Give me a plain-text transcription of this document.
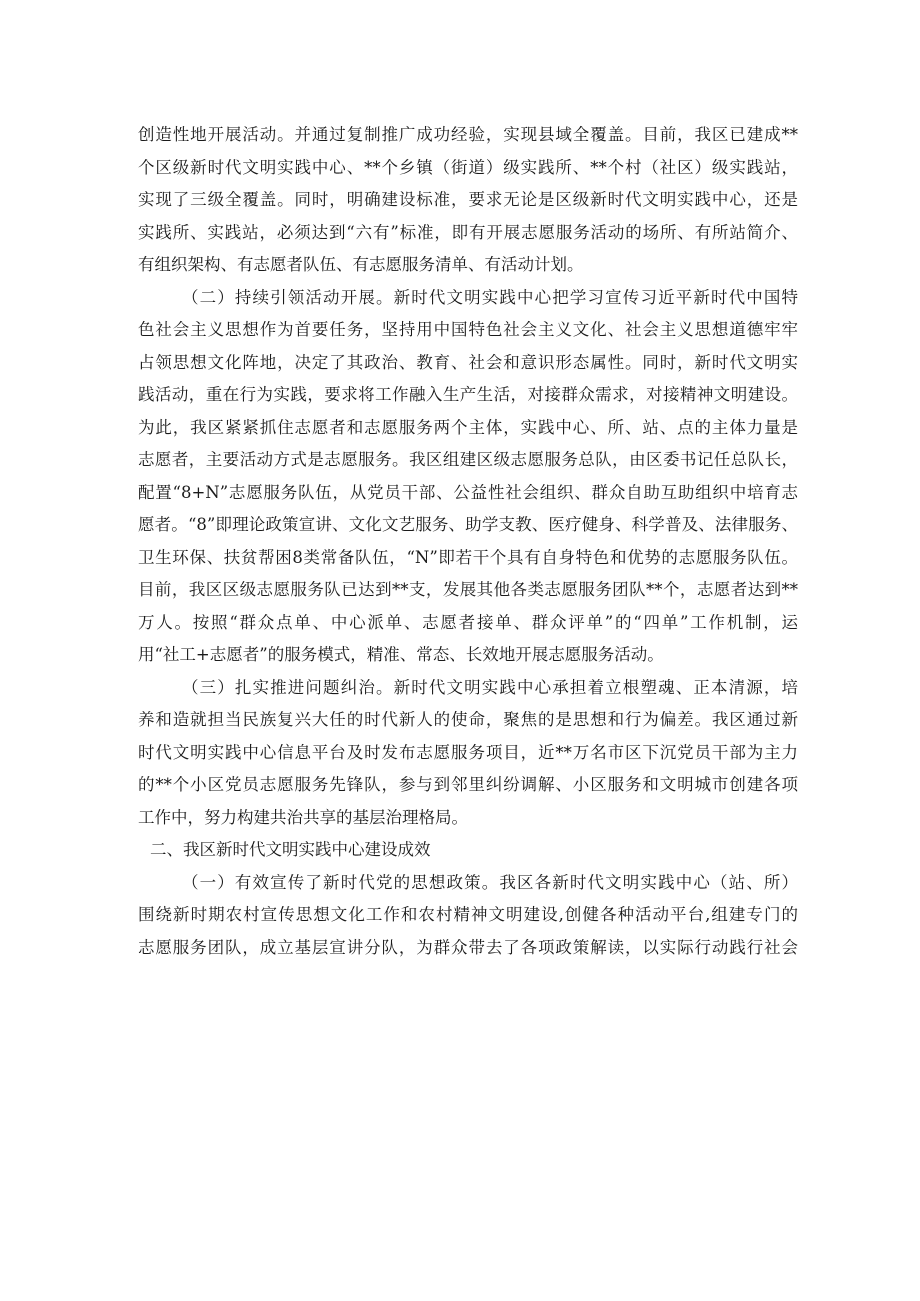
创造性地开展活动。并通过复制推广成功经验，实现县域全覆盖。目前，我区已建成**
个区级新时代文明实践中心、**个乡镇（街道）级实践所、**个村（社区）级实践站，
实现了三级全覆盖。同时，明确建设标准，要求无论是区级新时代文明实践中心，还是
实践所、实践站，必须达到“六有”标准，即有开展志愿服务活动的场所、有所站简介、
有组织架构、有志愿者队伍、有志愿服务清单、有活动计划。
（二）持续引领活动开展。新时代文明实践中心把学习宣传习近平新时代中国特
色社会主义思想作为首要任务，坚持用中国特色社会主义文化、社会主义思想道德牢牢
占领思想文化阵地，决定了其政治、教育、社会和意识形态属性。同时，新时代文明实
践活动，重在行为实践，要求将工作融入生产生活，对接群众需求，对接精神文明建设。
为此，我区紧紧抓住志愿者和志愿服务两个主体，实践中心、所、站、点的主体力量是
志愿者，主要活动方式是志愿服务。我区组建区级志愿服务总队，由区委书记任总队长，
配置“8+N”志愿服务队伍，从党员干部、公益性社会组织、群众自助互助组织中培育志
愿者。“8”即理论政策宣讲、文化文艺服务、助学支教、医疗健身、科学普及、法律服务、
卫生环保、扶贫帮困8类常备队伍，“N”即若干个具有自身特色和优势的志愿服务队伍。
目前，我区区级志愿服务队已达到**支，发展其他各类志愿服务团队**个，志愿者达到**
万人。按照“群众点单、中心派单、志愿者接单、群众评单”的“四单”工作机制，运
用“社工+志愿者”的服务模式，精准、常态、长效地开展志愿服务活动。
（三）扎实推进问题纠治。新时代文明实践中心承担着立根塑魂、正本清源，培
养和造就担当民族复兴大任的时代新人的使命，聚焦的是思想和行为偏差。我区通过新
时代文明实践中心信息平台及时发布志愿服务项目，近**万名市区下沉党员干部为主力
的**个小区党员志愿服务先锋队，参与到邻里纠纷调解、小区服务和文明城市创建各项
工作中，努力构建共治共享的基层治理格局。
二、我区新时代文明实践中心建设成效
（一）有效宣传了新时代党的思想政策。我区各新时代文明实践中心（站、所）
围绕新时期农村宣传思想文化工作和农村精神文明建设,创健各种活动平台,组建专门的
志愿服务团队，成立基层宣讲分队，为群众带去了各项政策解读，以实际行动践行社会
